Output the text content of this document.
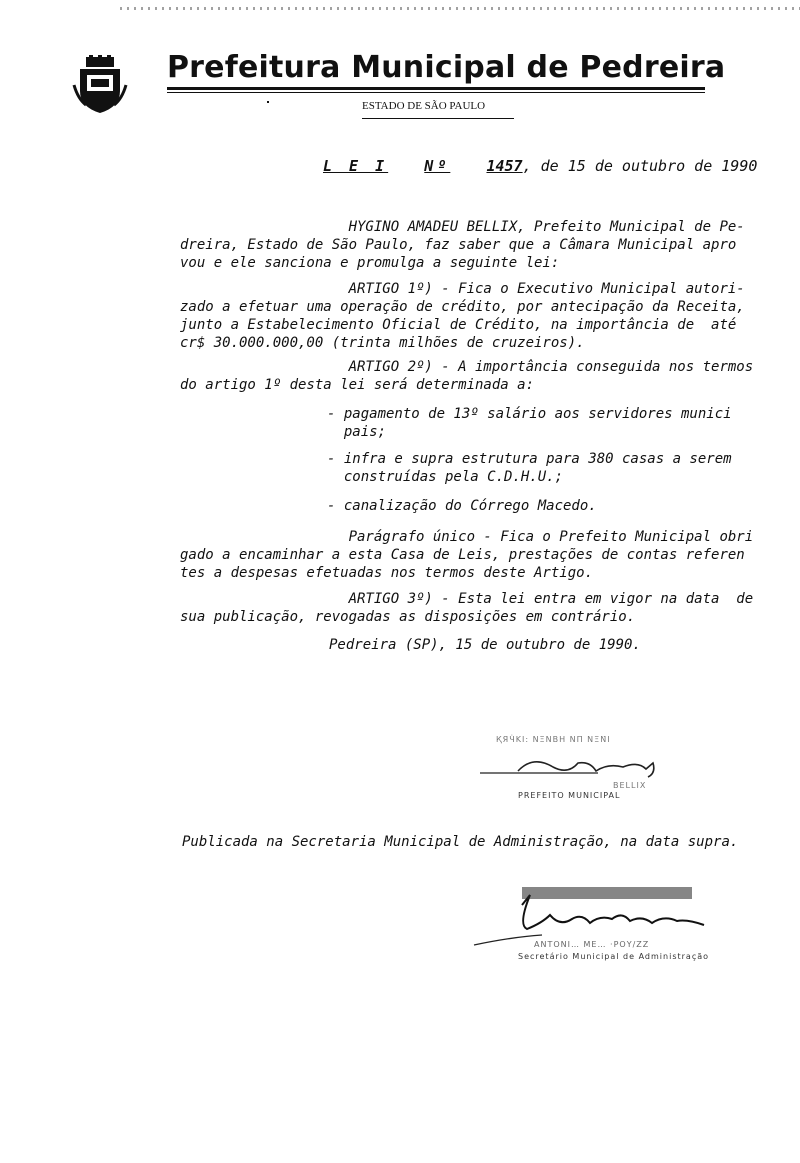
Prefeitura Municipal de Pedreira
ESTADO DE SÃO PAULO
L E I Nº 1457, de 15 de outubro de 1990
HYGINO AMADEU BELLIX, Prefeito Municipal de Pe-
dreira, Estado de São Paulo, faz saber que a Câmara Municipal apro
vou e ele sanciona e promulga a seguinte lei:
ARTIGO 1º) - Fica o Executivo Municipal autori-
zado a efetuar uma operação de crédito, por antecipação da Receita,
junto a Estabelecimento Oficial de Crédito, na importância de  até
cr$ 30.000.000,00 (trinta milhões de cruzeiros).
ARTIGO 2º) - A importância conseguida nos termos
do artigo 1º desta lei será determinada a:
- pagamento de 13º salário aos servidores munici
pais;
- infra e supra estrutura para 380 casas a serem
construídas pela C.D.H.U.;
- canalização do Córrego Macedo.
Parágrafo único - Fica o Prefeito Municipal obri
gado a encaminhar a esta Casa de Leis, prestações de contas referen
tes a despesas efetuadas nos termos deste Artigo.
ARTIGO 3º) - Esta lei entra em vigor na data  de
sua publicação, revogadas as disposições em contrário.
Pedreira (SP), 15 de outubro de 1990.
ҚЯЧ̇ΚΙ: ΝΞΝΒΗ ΝΠ ΝΞΝ̇Ι
BELLIX
PREFEITO MUNICIPAL
Publicada na Secretaria Municipal de Administração, na data supra.
ΑΝΤΟΝΙ… ΜΕ… ·ΡΟΥ/ΖΖ
Secretário Municipal de Administração
